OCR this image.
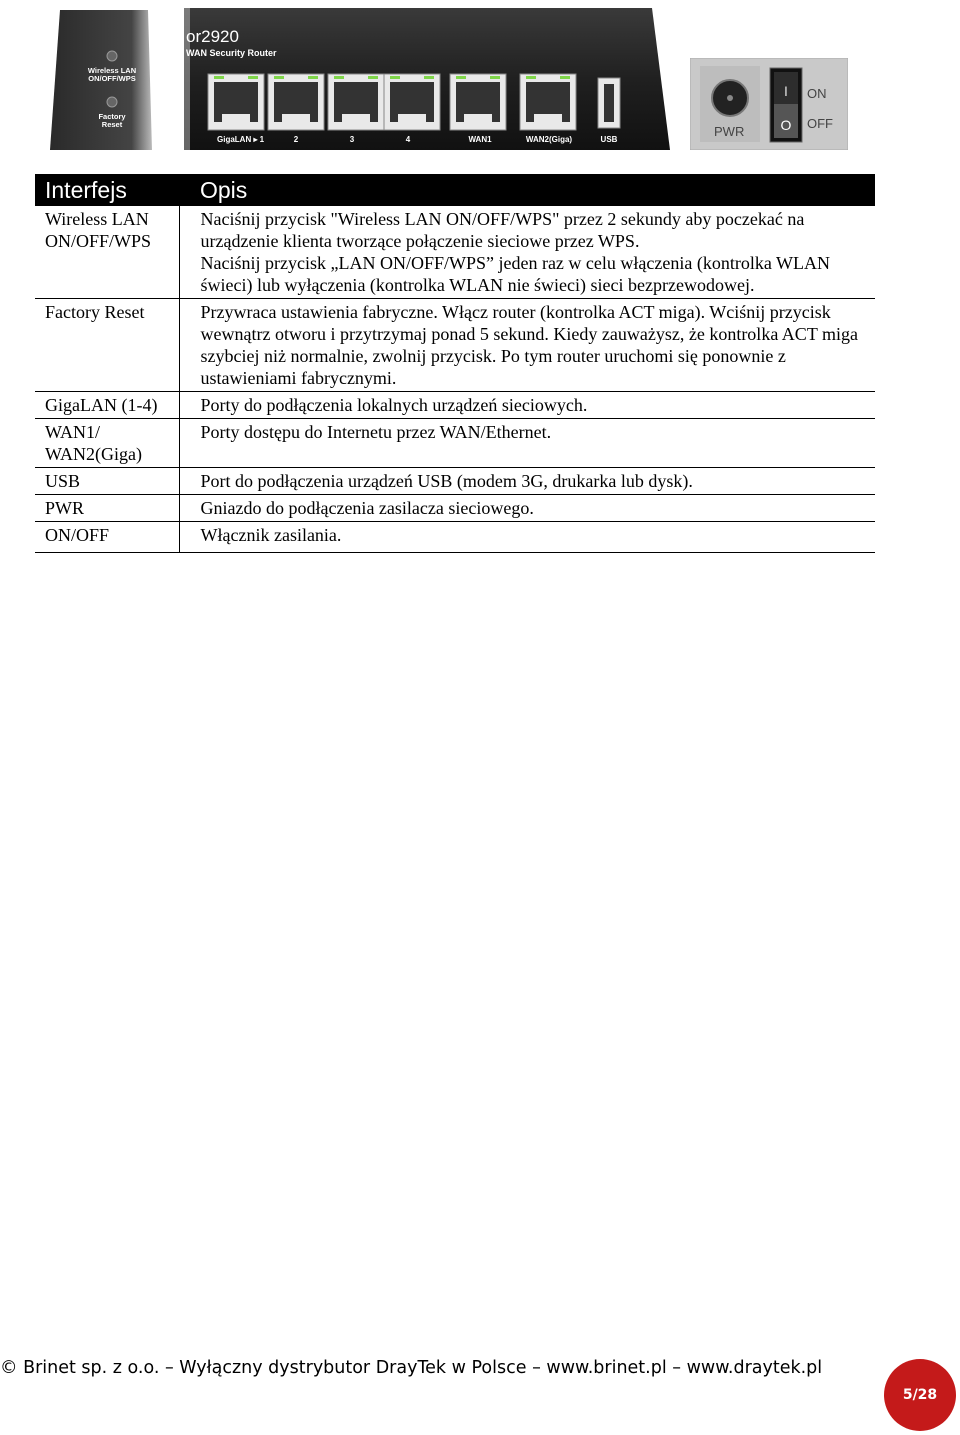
Wireless LAN
ON/OFF/WPS
Factory
Reset
or2920
WAN Security Router
GigaLAN ▸ 1	2	3	4	WAN1	WAN2(Giga)	USB
PWR
I
O
ON
OFF
Interfejs	Opis
Wireless LAN ON/OFF/WPS	Naciśnij przycisk "Wireless LAN ON/OFF/WPS" przez 2 sekundy aby poczekać na urządzenie klienta tworzące połączenie sieciowe przez WPS.
Naciśnij przycisk „LAN ON/OFF/WPS” jeden raz w celu włączenia (kontrolka WLAN świeci) lub wyłączenia (kontrolka WLAN nie świeci) sieci bezprzewodowej.

Factory Reset	Przywraca ustawienia fabryczne. Włącz router (kontrolka ACT miga). Wciśnij przycisk wewnątrz otworu i przytrzymaj ponad 5 sekund. Kiedy zauważysz, że kontrolka ACT miga szybciej niż normalnie, zwolnij przycisk. Po tym router uruchomi się ponownie z ustawieniami fabrycznymi.
GigaLAN (1-4)	Porty do podłączenia lokalnych urządzeń sieciowych.
WAN1/ WAN2(Giga)	Porty dostępu do Internetu przez WAN/Ethernet.
USB	Port do podłączenia urządzeń USB (modem 3G, drukarka lub dysk).
PWR	Gniazdo do podłączenia zasilacza sieciowego.
ON/OFF	Włącznik zasilania.
© Brinet sp. z o.o. – Wyłączny dystrybutor DrayTek w Polsce – www.brinet.pl – www.draytek.pl
5/28
